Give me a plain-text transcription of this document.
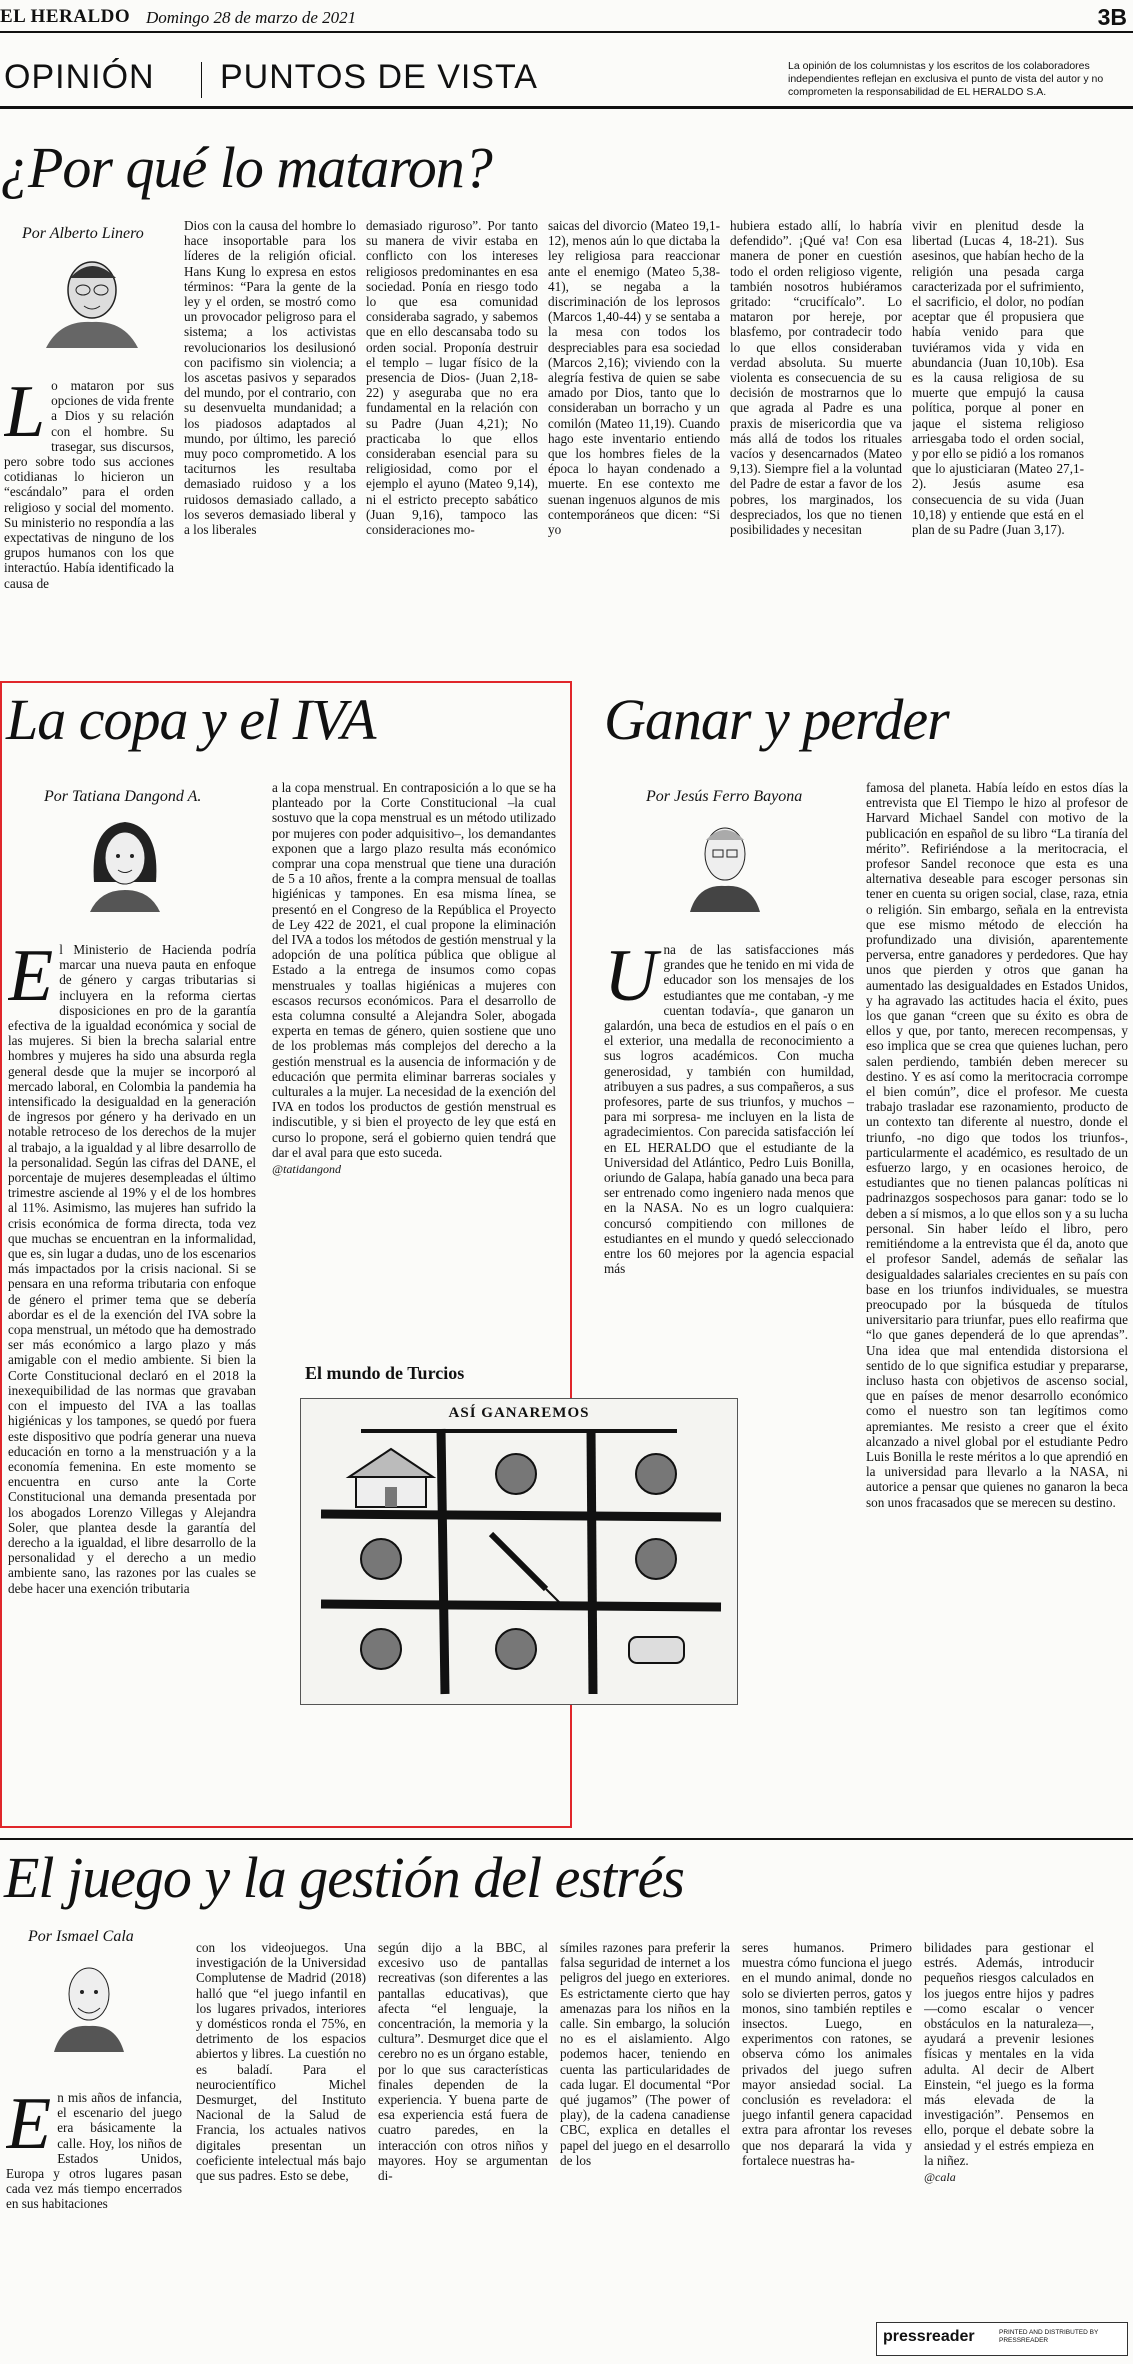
EL HERALDO Domingo 28 de marzo de 2021	3B
OPINIÓN PUNTOS DE VISTA	La opinión de los columnistas y los escritos de los colaboradores independientes reflejan en exclusiva el punto de vista del autor y no comprometen la responsabilidad de EL HERALDO S.A.
¿Por qué lo mataron?
Por Alberto Linero

Lo mataron por sus opciones de vida frente a Dios y su relación con el hombre. Su trasegar, sus discursos, pero sobre todo sus acciones cotidianas lo hicieron un “escándalo” para el orden religioso y social del momento. Su ministerio no respondía a las expectativas de ninguno de los grupos humanos con los que interactúo. Había identificado la causa de

Dios con la causa del hombre lo hace insoportable para los líderes de la religión oficial. Hans Kung lo expresa en estos términos: “Para la gente de la ley y el orden, se mostró como un provocador peligroso para el sistema; a los activistas revolucionarios los desilusionó con pacifismo sin violencia; a los ascetas pasivos y separados del mundo, por el contrario, con su desenvuelta mundanidad; a los piadosos adaptados al mundo, por último, les pareció muy poco comprometido. A los taciturnos les resultaba demasiado ruidoso y a los ruidosos demasiado callado, a los severos demasiado liberal y a los liberales

demasiado riguroso”. Por tanto su manera de vivir estaba en conflicto con los intereses religiosos predominantes en esa sociedad. Ponía en riesgo todo lo que esa comunidad consideraba sagrado, y sabemos que en ello descansaba todo su orden social. Proponía destruir el templo – lugar físico de la presencia de Dios- (Juan 2,18-22) y aseguraba que no era fundamental en la relación con su Padre (Juan 4,21); No practicaba lo que ellos consideraban esencial para su religiosidad, como por el ejemplo el ayuno (Mateo 9,14), ni el estricto precepto sabático (Juan 9,16), tampoco las consideraciones mo-

saicas del divorcio (Mateo 19,1-12), menos aún lo que dictaba la ley religiosa para reaccionar ante el enemigo (Mateo 5,38-41), se negaba a la discriminación de los leprosos (Marcos 1,40-44) y se sentaba a la mesa con todos los despreciables para esa sociedad (Marcos 2,16); viviendo con la alegría festiva de quien se sabe amado por Dios, tanto que lo consideraban un borracho y un comilón (Mateo 11,19). Cuando hago este inventario entiendo que los hombres fieles de la época lo hayan condenado a muerte. En ese contexto me suenan ingenuos algunos de mis contemporáneos que dicen: “Si yo

hubiera estado allí, lo habría defendido”. ¡Qué va! Con esa manera de poner en cuestión todo el orden religioso vigente, también nosotros hubiéramos gritado: “crucifícalo”. Lo mataron por hereje, por blasfemo, por contradecir todo lo que ellos consideraban verdad absoluta. Su muerte violenta es consecuencia de su decisión de mostrarnos que lo que agrada al Padre es una praxis de misericordia que va más allá de todos los rituales vacíos y desencarnados (Mateo 9,13). Siempre fiel a la voluntad del Padre de estar a favor de los pobres, los marginados, los despreciados, los que no tienen posibilidades y necesitan

vivir en plenitud desde la libertad (Lucas 4, 18-21). Sus asesinos, que habían hecho de la religión una pesada carga caracterizada por el sufrimiento, el sacrificio, el dolor, no podían aceptar que él propusiera que había venido para que tuviéramos vida y vida en abundancia (Juan 10,10b). Esa es la causa religiosa de su muerte que empujó la causa política, porque al poner en jaque el sistema religioso arriesgaba todo el orden social, y por ello se pidió a los romanos que lo ajusticiaran (Mateo 27,1-2). Jesús asume esa consecuencia de su vida (Juan 10,18) y entiende que está en el plan de su Padre (Juan 3,17).

La copa y el IVA
Por Tatiana Dangond A.

El Ministerio de Hacienda podría marcar una nueva pauta en enfoque de género y cargas tributarias si incluyera en la reforma ciertas disposiciones en pro de la garantía efectiva de la igualdad económica y social de las mujeres. Si bien la brecha salarial entre hombres y mujeres ha sido una absurda regla general desde que la mujer se incorporó al mercado laboral, en Colombia la pandemia ha intensificado la desigualdad en la generación de ingresos por género y ha derivado en un notable retroceso de los derechos de la mujer al trabajo, a la igualdad y al libre desarrollo de la personalidad. Según las cifras del DANE, el porcentaje de mujeres desempleadas el último trimestre asciende al 19% y el de los hombres al 11%. Asimismo, las mujeres han sufrido la crisis económica de forma directa, toda vez que muchas se encuentran en la informalidad, que es, sin lugar a dudas, uno de los escenarios más impactados por la crisis nacional. Si se pensara en una reforma tributaria con enfoque de género el primer tema que se debería abordar es el de la exención del IVA sobre la copa menstrual, un método que ha demostrado ser más económico a largo plazo y más amigable con el medio ambiente. Si bien la Corte Constitucional declaró en el 2018 la inexequibilidad de las normas que gravaban con el impuesto del IVA a las toallas higiénicas y los tampones, se quedó por fuera este dispositivo que podría generar una nueva educación en torno a la menstruación y a la economía femenina. En este momento se encuentra en curso ante la Corte Constitucional una demanda presentada por los abogados Lorenzo Villegas y Alejandra Soler, que plantea desde la garantía del derecho a la igualdad, el libre desarrollo de la personalidad y el derecho a un medio ambiente sano, las razones por las cuales se debe hacer una exención tributaria

a la copa menstrual. En contraposición a lo que se ha planteado por la Corte Constitucional –la cual sostuvo que la copa menstrual es un método utilizado por mujeres con poder adquisitivo–, los demandantes exponen que a largo plazo resulta más económico comprar una copa menstrual que tiene una duración de 5 a 10 años, frente a la compra mensual de toallas higiénicas y tampones. En esa misma línea, se presentó en el Congreso de la República el Proyecto de Ley 422 de 2021, el cual propone la eliminación del IVA a todos los métodos de gestión menstrual y la adopción de una política pública que obligue al Estado a la entrega de insumos como copas menstruales y toallas higiénicas a mujeres con escasos recursos económicos. Para el desarrollo de esta columna consulté a Alejandra Soler, abogada experta en temas de género, quien sostiene que uno de los problemas más complejos del derecho a la gestión menstrual es la ausencia de información y de educación que permita eliminar barreras sociales y culturales a la mujer. La necesidad de la exención del IVA en todos los productos de gestión menstrual es indiscutible, y si bien el proyecto de ley que está en curso lo propone, será el gobierno quien tendrá que dar el aval para que esto suceda.

@tatidangond

El mundo de Turcios
ASÍ GANAREMOS
Ganar y perder
Por Jesús Ferro Bayona

Una de las satisfacciones más grandes que he tenido en mi vida de educador son los mensajes de los estudiantes que me contaban, -y me cuentan todavía-, que ganaron un galardón, una beca de estudios en el país o en el exterior, una medalla de reconocimiento a sus logros académicos. Con mucha generosidad, y también con humildad, atribuyen a sus padres, a sus compañeros, a sus profesores, parte de sus triunfos, y muchos –para mi sorpresa- me incluyen en la lista de agradecimientos. Con parecida satisfacción leí en EL HERALDO que el estudiante de la Universidad del Atlántico, Pedro Luis Bonilla, oriundo de Galapa, había ganado una beca para ser entrenado como ingeniero nada menos que en la NASA. No es un logro cualquiera: concursó compitiendo con millones de estudiantes en el mundo y quedó seleccionado entre los 60 mejores por la agencia espacial más

famosa del planeta. Había leído en estos días la entrevista que El Tiempo le hizo al profesor de Harvard Michael Sandel con motivo de la publicación en español de su libro “La tiranía del mérito”. Refiriéndose a la meritocracia, el profesor Sandel reconoce que esta es una alternativa deseable para escoger personas sin tener en cuenta su origen social, clase, raza, etnia o religión. Sin embargo, señala en la entrevista que ese mismo método de elección ha profundizado una división, aparentemente perversa, entre ganadores y perdedores. Que hay unos que pierden y otros que ganan ha aumentado las desigualdades en Estados Unidos, y ha agravado las actitudes hacia el éxito, pues los que ganan “creen que su éxito es obra de ellos y que, por tanto, merecen recompensas, y eso implica que se crea que quienes luchan, pero salen perdiendo, también deben merecer su destino. Y es así como la meritocracia corrompe el bien común”, dice el profesor. Me cuesta trabajo trasladar ese razonamiento, producto de un contexto tan diferente al nuestro, donde el triunfo, -no digo que todos los triunfos-, particularmente el académico, es resultado de un esfuerzo largo, y en ocasiones heroico, de estudiantes que no tienen palancas políticas ni padrinazgos sospechosos para ganar: todo se lo deben a sí mismos, a lo que ellos son y a su lucha personal. Sin haber leído el libro, pero remitiéndome a la entrevista que él da, anoto que el profesor Sandel, además de señalar las desigualdades salariales crecientes en su país con base en los triunfos individuales, se muestra preocupado por la búsqueda de títulos universitario para triunfar, pues ello reafirma que “lo que ganes dependerá de lo que aprendas”. Una idea que mal entendida distorsiona el sentido de lo que significa estudiar y prepararse, incluso hasta con objetivos de ascenso social, que en países de menor desarrollo económico como el nuestro son tan legítimos como apremiantes. Me resisto a creer que el éxito alcanzado a nivel global por el estudiante Pedro Luis Bonilla le reste méritos a lo que aprendió en la universidad para llevarlo a la NASA, ni autorice a pensar que quienes no ganaron la beca son unos fracasados que se merecen su destino.

El juego y la gestión del estrés
Por Ismael Cala

En mis años de infancia, el escenario del juego era básicamente la calle. Hoy, los niños de Estados Unidos, Europa y otros lugares pasan cada vez más tiempo encerrados en sus habitaciones

con los videojuegos. Una investigación de la Universidad Complutense de Madrid (2018) halló que “el juego infantil en los lugares privados, interiores y domésticos ronda el 75%, en detrimento de los espacios abiertos y libres. La cuestión no es baladí. Para el neurocientífico Michel Desmurget, del Instituto Nacional de la Salud de Francia, los actuales nativos digitales presentan un coeficiente intelectual más bajo que sus padres. Esto se debe,

según dijo a la BBC, al excesivo uso de pantallas recreativas (son diferentes a las pantallas educativas), que afecta “el lenguaje, la concentración, la memoria y la cultura”. Desmurget dice que el cerebro no es un órgano estable, por lo que sus características finales dependen de la experiencia. Y buena parte de esa experiencia está fuera de cuatro paredes, en la interacción con otros niños y mayores. Hoy se argumentan di-

símiles razones para preferir la falsa seguridad de internet a los peligros del juego en exteriores. Es estrictamente cierto que hay amenazas para los niños en la calle. Sin embargo, la solución no es el aislamiento. Algo podemos hacer, teniendo en cuenta las particularidades de cada lugar. El documental “Por qué jugamos” (The power of play), de la cadena canadiense CBC, explica en detalles el papel del juego en el desarrollo de los

seres humanos. Primero muestra cómo funciona el juego en el mundo animal, donde no solo se divierten perros, gatos y monos, sino también reptiles e insectos. Luego, en experimentos con ratones, se observa cómo los animales privados del juego sufren mayor ansiedad social. La conclusión es reveladora: el juego infantil genera capacidad extra para afrontar los reveses que nos deparará la vida y fortalece nuestras ha-

bilidades para gestionar el estrés. Además, introducir pequeños riesgos calculados en los juegos entre hijos y padres —como escalar o vencer obstáculos en la naturaleza—, ayudará a prevenir lesiones físicas y mentales en la vida adulta. Al decir de Albert Einstein, “el juego es la forma más elevada de la investigación”. Pensemos en ello, porque el debate sobre la ansiedad y el estrés empieza en la niñez.

@cala

pressreader	PRINTED AND DISTRIBUTED BY PRESSREADER
